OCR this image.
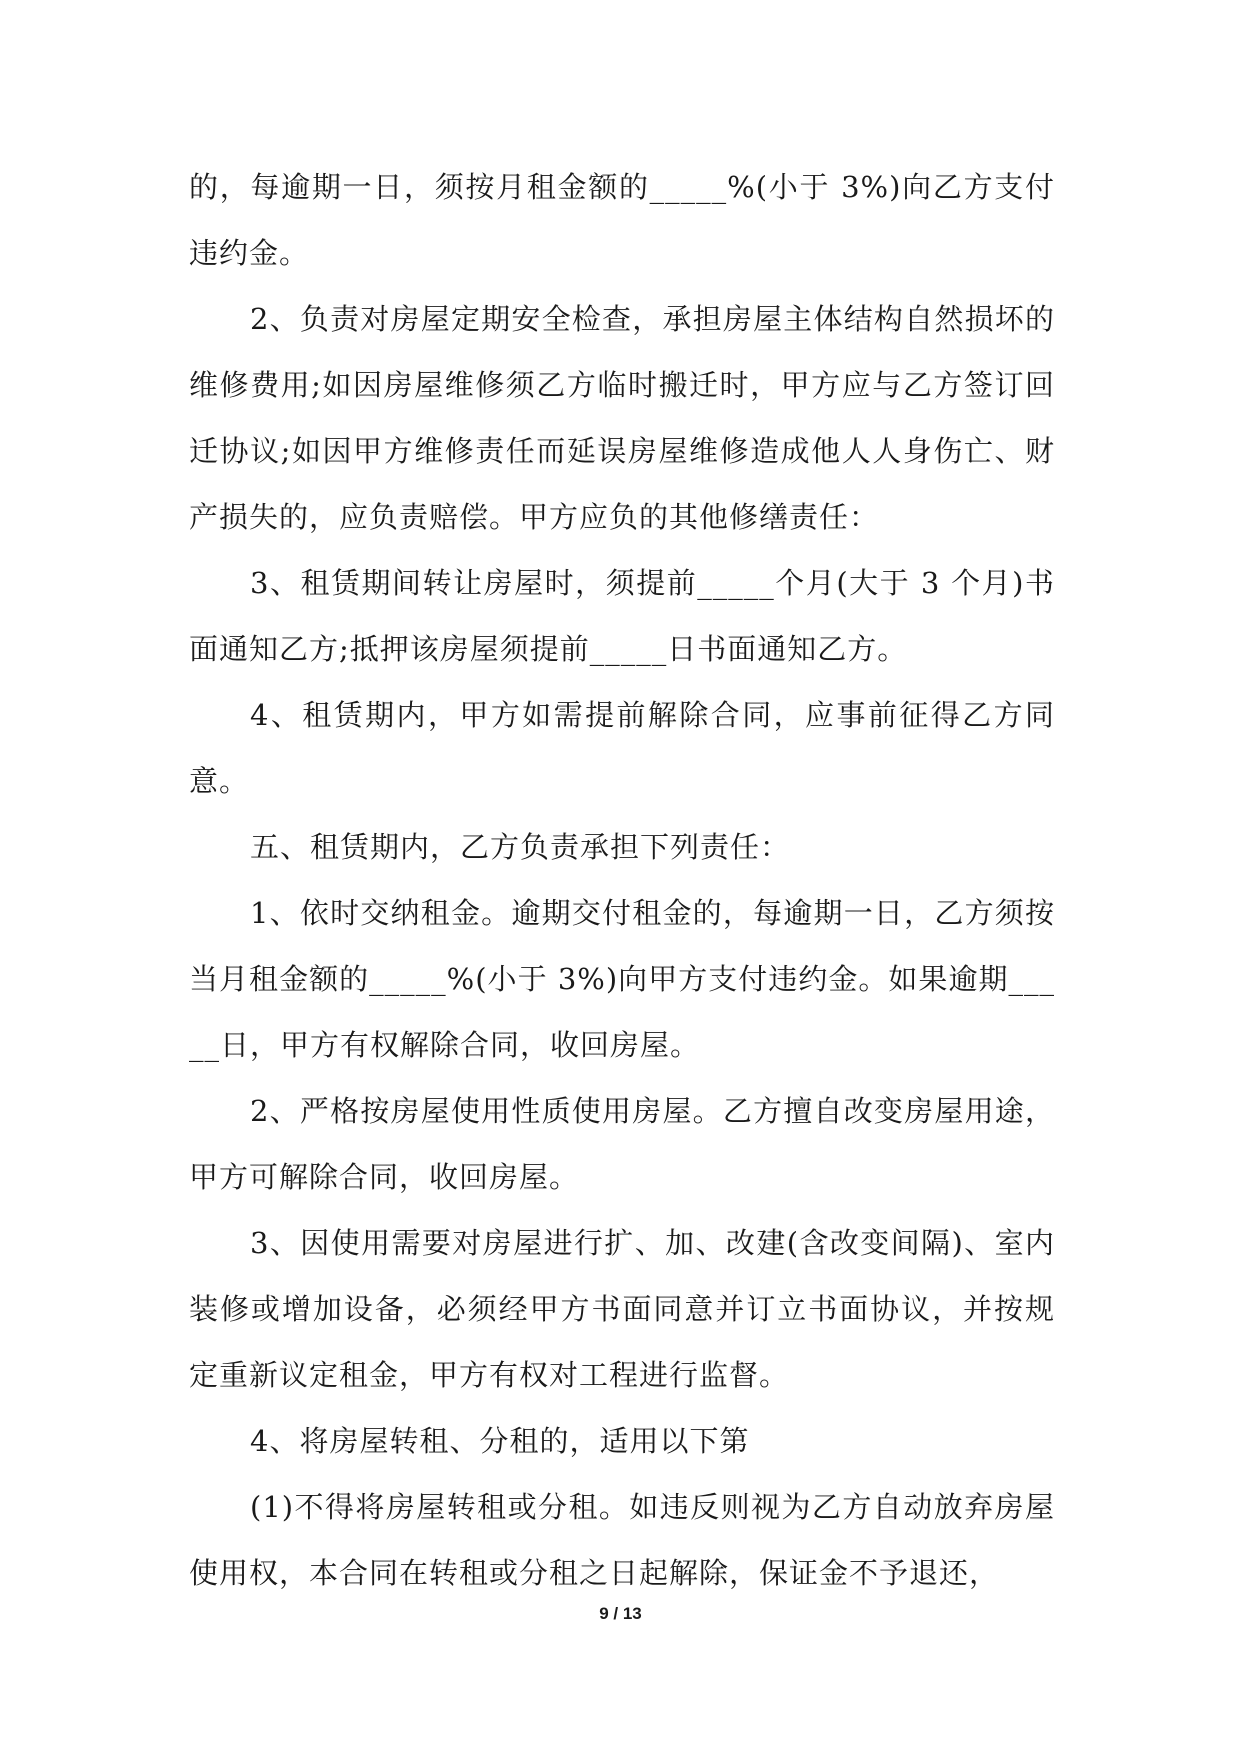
的，每逾期一日，须按月租金额的_____%(小于 3%)向乙方支付违约金。

2、负责对房屋定期安全检查，承担房屋主体结构自然损坏的维修费用;如因房屋维修须乙方临时搬迁时，甲方应与乙方签订回迁协议;如因甲方维修责任而延误房屋维修造成他人人身伤亡、财产损失的，应负责赔偿。甲方应负的其他修缮责任：

3、租赁期间转让房屋时，须提前_____个月(大于 3 个月)书面通知乙方;抵押该房屋须提前_____日书面通知乙方。

4、租赁期内，甲方如需提前解除合同，应事前征得乙方同意。

五、租赁期内，乙方负责承担下列责任：

1、依时交纳租金。逾期交付租金的，每逾期一日，乙方须按当月租金额的_____%(小于 3%)向甲方支付违约金。如果逾期_____日，甲方有权解除合同，收回房屋。

2、严格按房屋使用性质使用房屋。乙方擅自改变房屋用途，甲方可解除合同，收回房屋。

3、因使用需要对房屋进行扩、加、改建(含改变间隔)、室内装修或增加设备，必须经甲方书面同意并订立书面协议，并按规定重新议定租金，甲方有权对工程进行监督。

4、将房屋转租、分租的，适用以下第

(1)不得将房屋转租或分租。如违反则视为乙方自动放弃房屋使用权，本合同在转租或分租之日起解除，保证金不予退还，

9 / 13
